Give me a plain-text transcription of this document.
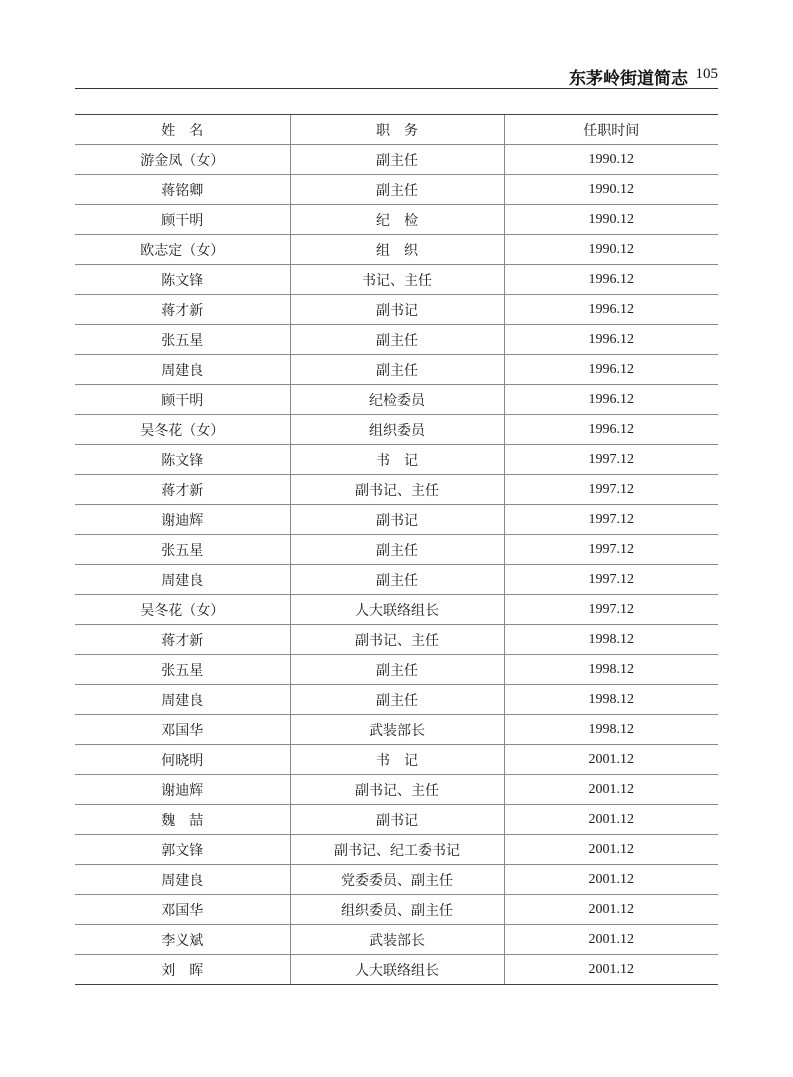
东茅岭街道简志 105
姓　名	职　务	任职时间
游金凤（女）	副主任	1990.12
蒋铭卿	副主任	1990.12
顾干明	纪　检	1990.12
欧志定（女）	组　织	1990.12
陈文锋	书记、主任	1996.12
蒋才新	副书记	1996.12
张五星	副主任	1996.12
周建良	副主任	1996.12
顾干明	纪检委员	1996.12
吴冬花（女）	组织委员	1996.12
陈文锋	书　记	1997.12
蒋才新	副书记、主任	1997.12
谢迪辉	副书记	1997.12
张五星	副主任	1997.12
周建良	副主任	1997.12
吴冬花（女）	人大联络组长	1997.12
蒋才新	副书记、主任	1998.12
张五星	副主任	1998.12
周建良	副主任	1998.12
邓国华	武装部长	1998.12
何晓明	书　记	2001.12
谢迪辉	副书记、主任	2001.12
魏　喆	副书记	2001.12
郭文锋	副书记、纪工委书记	2001.12
周建良	党委委员、副主任	2001.12
邓国华	组织委员、副主任	2001.12
李义斌	武装部长	2001.12
刘　晖	人大联络组长	2001.12
